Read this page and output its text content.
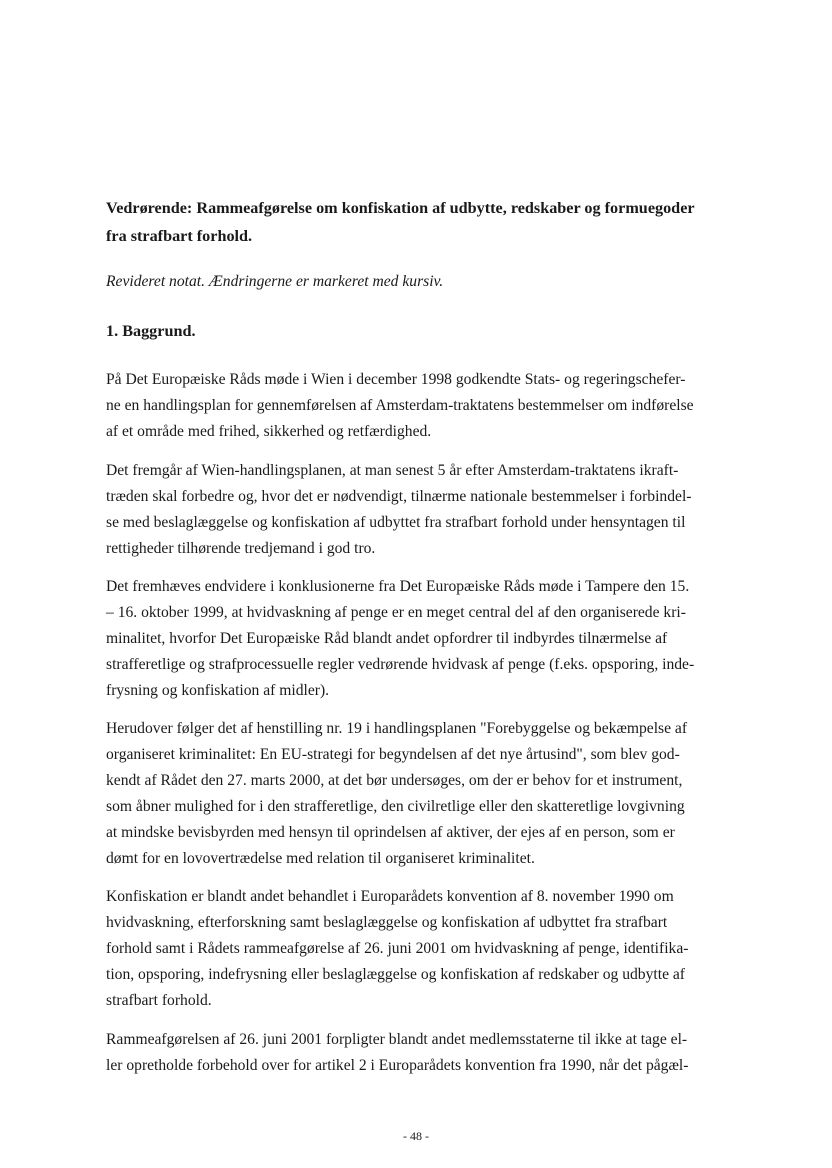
Vedrørende: Rammeafgørelse om konfiskation af udbytte, redskaber og formuegoder
fra strafbart forhold.
Revideret notat. Ændringerne er markeret med kursiv.
1. Baggrund.
På Det Europæiske Råds møde i Wien i december 1998 godkendte Stats- og regeringschefer-
ne en handlingsplan for gennemførelsen af Amsterdam-traktatens bestemmelser om indførelse
af et område med frihed, sikkerhed og retfærdighed.
Det fremgår af Wien-handlingsplanen, at man senest 5 år efter Amsterdam-traktatens ikraft-
træden skal forbedre og, hvor det er nødvendigt, tilnærme nationale bestemmelser i forbindel-
se med beslaglæggelse og konfiskation af udbyttet fra strafbart forhold under hensyntagen til
rettigheder tilhørende tredjemand i god tro.
Det fremhæves endvidere i konklusionerne fra Det Europæiske Råds møde i Tampere den 15.
– 16. oktober 1999, at hvidvaskning af penge er en meget central del af den organiserede kri-
minalitet, hvorfor Det Europæiske Råd blandt andet opfordrer til indbyrdes tilnærmelse af
strafferetlige og strafprocessuelle regler vedrørende hvidvask af penge (f.eks. opsporing, inde-
frysning og konfiskation af midler).
Herudover følger det af henstilling nr. 19 i handlingsplanen "Forebyggelse og bekæmpelse af
organiseret kriminalitet: En EU-strategi for begyndelsen af det nye årtusind", som blev god-
kendt af Rådet den 27. marts 2000, at det bør undersøges, om der er behov for et instrument,
som åbner mulighed for i den strafferetlige, den civilretlige eller den skatteretlige lovgivning
at mindske bevisbyrden med hensyn til oprindelsen af aktiver, der ejes af en person, som er
dømt for en lovovertrædelse med relation til organiseret kriminalitet.
Konfiskation er blandt andet behandlet i Europarådets konvention af 8. november 1990 om
hvidvaskning, efterforskning samt beslaglæggelse og konfiskation af udbyttet fra strafbart
forhold samt i Rådets rammeafgørelse af 26. juni 2001 om hvidvaskning af penge, identifika-
tion, opsporing, indefrysning eller beslaglæggelse og konfiskation af redskaber og udbytte af
strafbart forhold.
Rammeafgørelsen af 26. juni 2001 forpligter blandt andet medlemsstaterne til ikke at tage el-
ler opretholde forbehold over for artikel 2 i Europarådets konvention fra 1990, når det pågæl-
- 48 -
